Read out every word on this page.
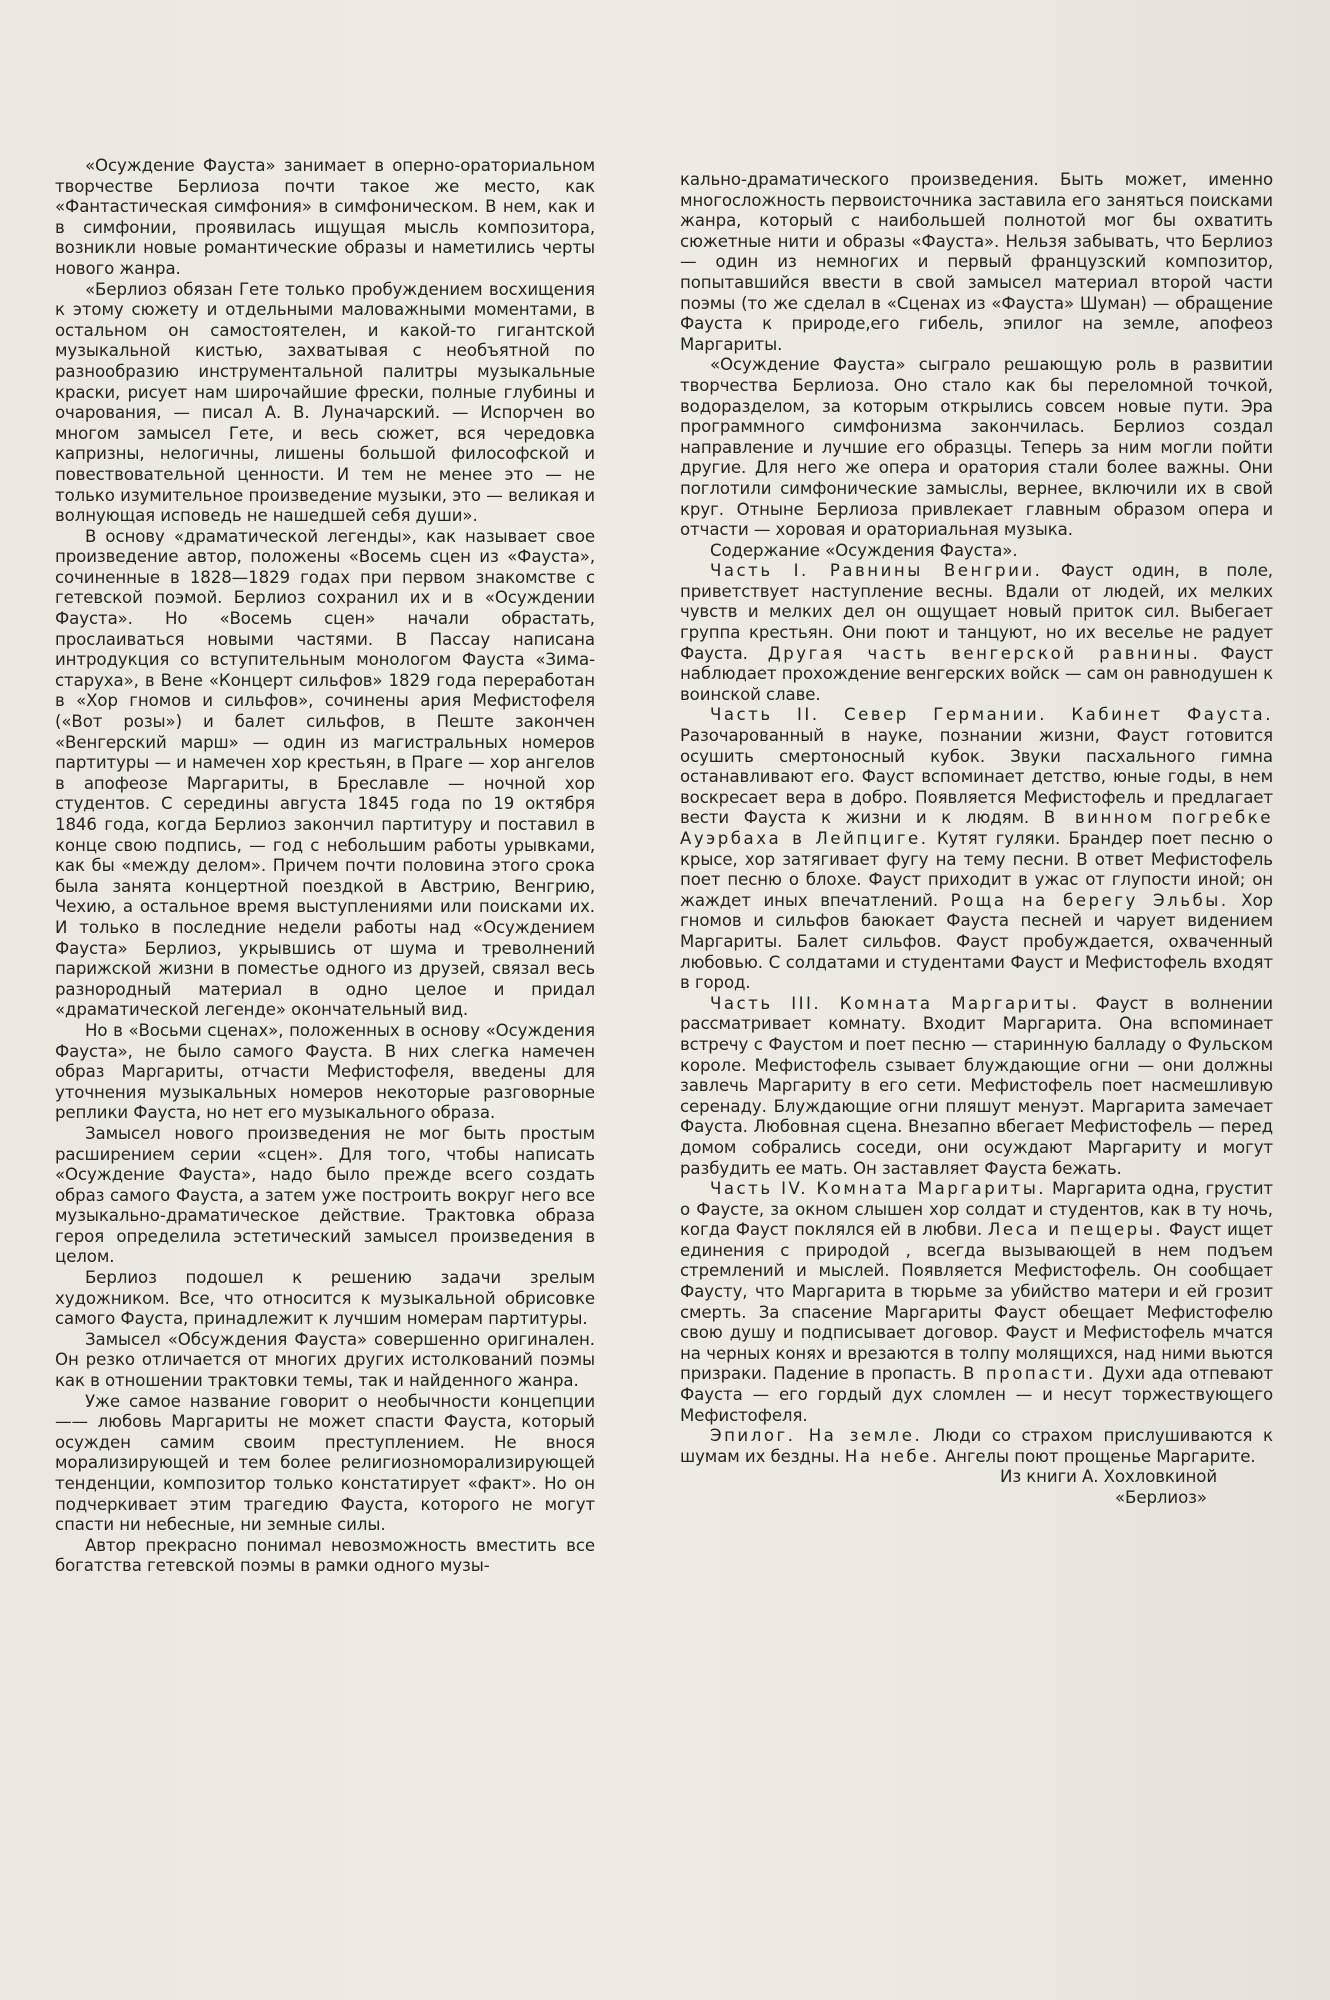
«Осуждение Фауста» занимает в оперно-ораториальном творчестве Берлиоза почти такое же место, как «Фантастическая симфония» в симфоническом. В нем, как и в симфонии, проявилась ищущая мысль композитора, возникли новые романтические образы и наметились черты нового жанра.

«Берлиоз обязан Гете только пробуждением восхищения к этому сюжету и отдельными маловажными моментами, в остальном он самостоятелен, и какой-то гигантской музыкальной кистью, захватывая с необъятной по разнообразию инструментальной палитры музыкальные краски, рисует нам широчайшие фрески, полные глубины и очарования, — писал А. В. Луначарский. — Испорчен во многом замысел Гете, и весь сюжет, вся чередовка капризны, нелогичны, лишены большой философской и повествовательной ценности. И тем не менее это — не только изумительное произведение музыки, это — великая и волнующая исповедь не нашедшей себя души».

В основу «драматической легенды», как называет свое произведение автор, положены «Восемь сцен из «Фауста», сочиненные в 1828—1829 годах при первом знакомстве с гетевской поэмой. Берлиоз сохранил их и в «Осуждении Фауста». Но «Восемь сцен» начали обрастать, прослаиваться новыми частями. В Пассау написана интродукция со вступительным монологом Фауста «Зима-старуха», в Вене «Концерт сильфов» 1829 года переработан в «Хор гномов и сильфов», сочинены ария Мефистофеля («Вот розы») и балет сильфов, в Пеште закончен «Венгерский марш» — один из магистральных номеров партитуры — и намечен хор крестьян, в Праге — хор ангелов в апофеозе Маргариты, в Бреславле — ночной хор студентов. С середины августа 1845 года по 19 октября 1846 года, когда Берлиоз закончил партитуру и поставил в конце свою подпись, — год с небольшим работы урывками, как бы «между делом». Причем почти половина этого срока была занята концертной поездкой в Австрию, Венгрию, Чехию, а остальное время выступлениями или поисками их. И только в последние недели работы над «Осуждением Фауста» Берлиоз, укрывшись от шума и треволнений парижской жизни в поместье одного из друзей, связал весь разнородный материал в одно целое и придал «драматической легенде» окончательный вид.

Но в «Восьми сценах», положенных в основу «Осуждения Фауста», не было самого Фауста. В них слегка намечен образ Маргариты, отчасти Мефистофеля, введены для уточнения музыкальных номеров некоторые разговорные реплики Фауста, но нет его музыкального образа.

Замысел нового произведения не мог быть простым расширением серии «сцен». Для того, чтобы написать «Осуждение Фауста», надо было прежде всего создать образ самого Фауста, а затем уже построить вокруг него все музыкально-драматическое действие. Трактовка образа героя определила эстетический замысел произведения в целом.

Берлиоз подошел к решению задачи зрелым художником. Все, что относится к музыкальной обрисовке самого Фауста, принадлежит к лучшим номерам партитуры.

Замысел «Обсуждения Фауста» совершенно оригинален. Он резко отличается от многих других истолкований поэмы как в отношении трактовки темы, так и найденного жанра.

Уже самое название говорит о необычности концепции —— любовь Маргариты не может спасти Фауста, который осужден самим своим преступлением. Не внося морализирующей и тем более религиозноморализирующей тенденции, композитор только констатирует «факт». Но он подчеркивает этим трагедию Фауста, которого не могут спасти ни небесные, ни земные силы.

Автор прекрасно понимал невозможность вместить все богатства гетевской поэмы в рамки одного музы-

кально-драматического произведения. Быть может, именно многосложность первоисточника заставила его заняться поисками жанра, который с наибольшей полнотой мог бы охватить сюжетные нити и образы «Фауста». Нельзя забывать, что Берлиоз — один из немногих и первый французский композитор, попытавшийся ввести в свой замысел материал второй части поэмы (то же сделал в «Сценах из «Фауста» Шуман) — обращение Фауста к природе,его гибель, эпилог на земле, апофеоз Маргариты.

«Осуждение Фауста» сыграло решающую роль в развитии творчества Берлиоза. Оно стало как бы переломной точкой, водоразделом, за которым открылись совсем новые пути. Эра программного симфонизма закончилась. Берлиоз создал направление и лучшие его образцы. Теперь за ним могли пойти другие. Для него же опера и оратория стали более важны. Они поглотили симфонические замыслы, вернее, включили их в свой круг. Отныне Берлиоза привлекает главным образом опера и отчасти — хоровая и ораториальная музыка.

Содержание «Осуждения Фауста».

Часть I. Равнины Венгрии. Фауст один, в поле, приветствует наступление весны. Вдали от людей, их мелких чувств и мелких дел он ощущает новый приток сил. Выбегает группа крестьян. Они поют и танцуют, но их веселье не радует Фауста. Другая часть венгерской равнины. Фауст наблюдает прохождение венгерских войск — сам он равнодушен к воинской славе.

Часть II. Север Германии. Кабинет Фауста. Разочарованный в науке, познании жизни, Фауст готовится осушить смертоносный кубок. Звуки пасхального гимна останавливают его. Фауст вспоминает детство, юные годы, в нем воскресает вера в добро. Появляется Мефистофель и предлагает вести Фауста к жизни и к людям. В винном погребке Ауэрбаха в Лейпциге. Кутят гуляки. Брандер поет песню о крысе, хор затягивает фугу на тему песни. В ответ Мефистофель поет песню о блохе. Фауст приходит в ужас от глупости иной; он жаждет иных впечатлений. Роща на берегу Эльбы. Хор гномов и сильфов баюкает Фауста песней и чарует видением Маргариты. Балет сильфов. Фауст пробуждается, охваченный любовью. С солдатами и студентами Фауст и Мефистофель входят в город.

Часть III. Комната Маргариты. Фауст в волнении рассматривает комнату. Входит Маргарита. Она вспоминает встречу с Фаустом и поет песню — старинную балладу о Фульском короле. Мефистофель сзывает блуждающие огни — они должны завлечь Маргариту в его сети. Мефистофель поет насмешливую серенаду. Блуждающие огни пляшут менуэт. Маргарита замечает Фауста. Любовная сцена. Внезапно вбегает Мефистофель — перед домом собрались соседи, они осуждают Маргариту и могут разбудить ее мать. Он заставляет Фауста бежать.

Часть IV. Комната Маргариты. Маргарита одна, грустит о Фаусте, за окном слышен хор солдат и студентов, как в ту ночь, когда Фауст поклялся ей в любви. Леса и пещеры. Фауст ищет единения с природой , всегда вызывающей в нем подъем стремлений и мыслей. Появляется Мефистофель. Он сообщает Фаусту, что Маргарита в тюрьме за убийство матери и ей грозит смерть. За спасение Маргариты Фауст обещает Мефистофелю свою душу и подписывает договор. Фауст и Мефистофель мчатся на черных конях и врезаются в толпу молящихся, над ними вьются призраки. Падение в пропасть. В пропасти. Духи ада отпевают Фауста — его гордый дух сломлен — и несут торжествующего Мефистофеля.

Эпилог. На земле. Люди со страхом прислушиваются к шумам их бездны. На небе. Ангелы поют прощенье Маргарите.

Из книги А. Хохловкиной
«Берлиоз»
